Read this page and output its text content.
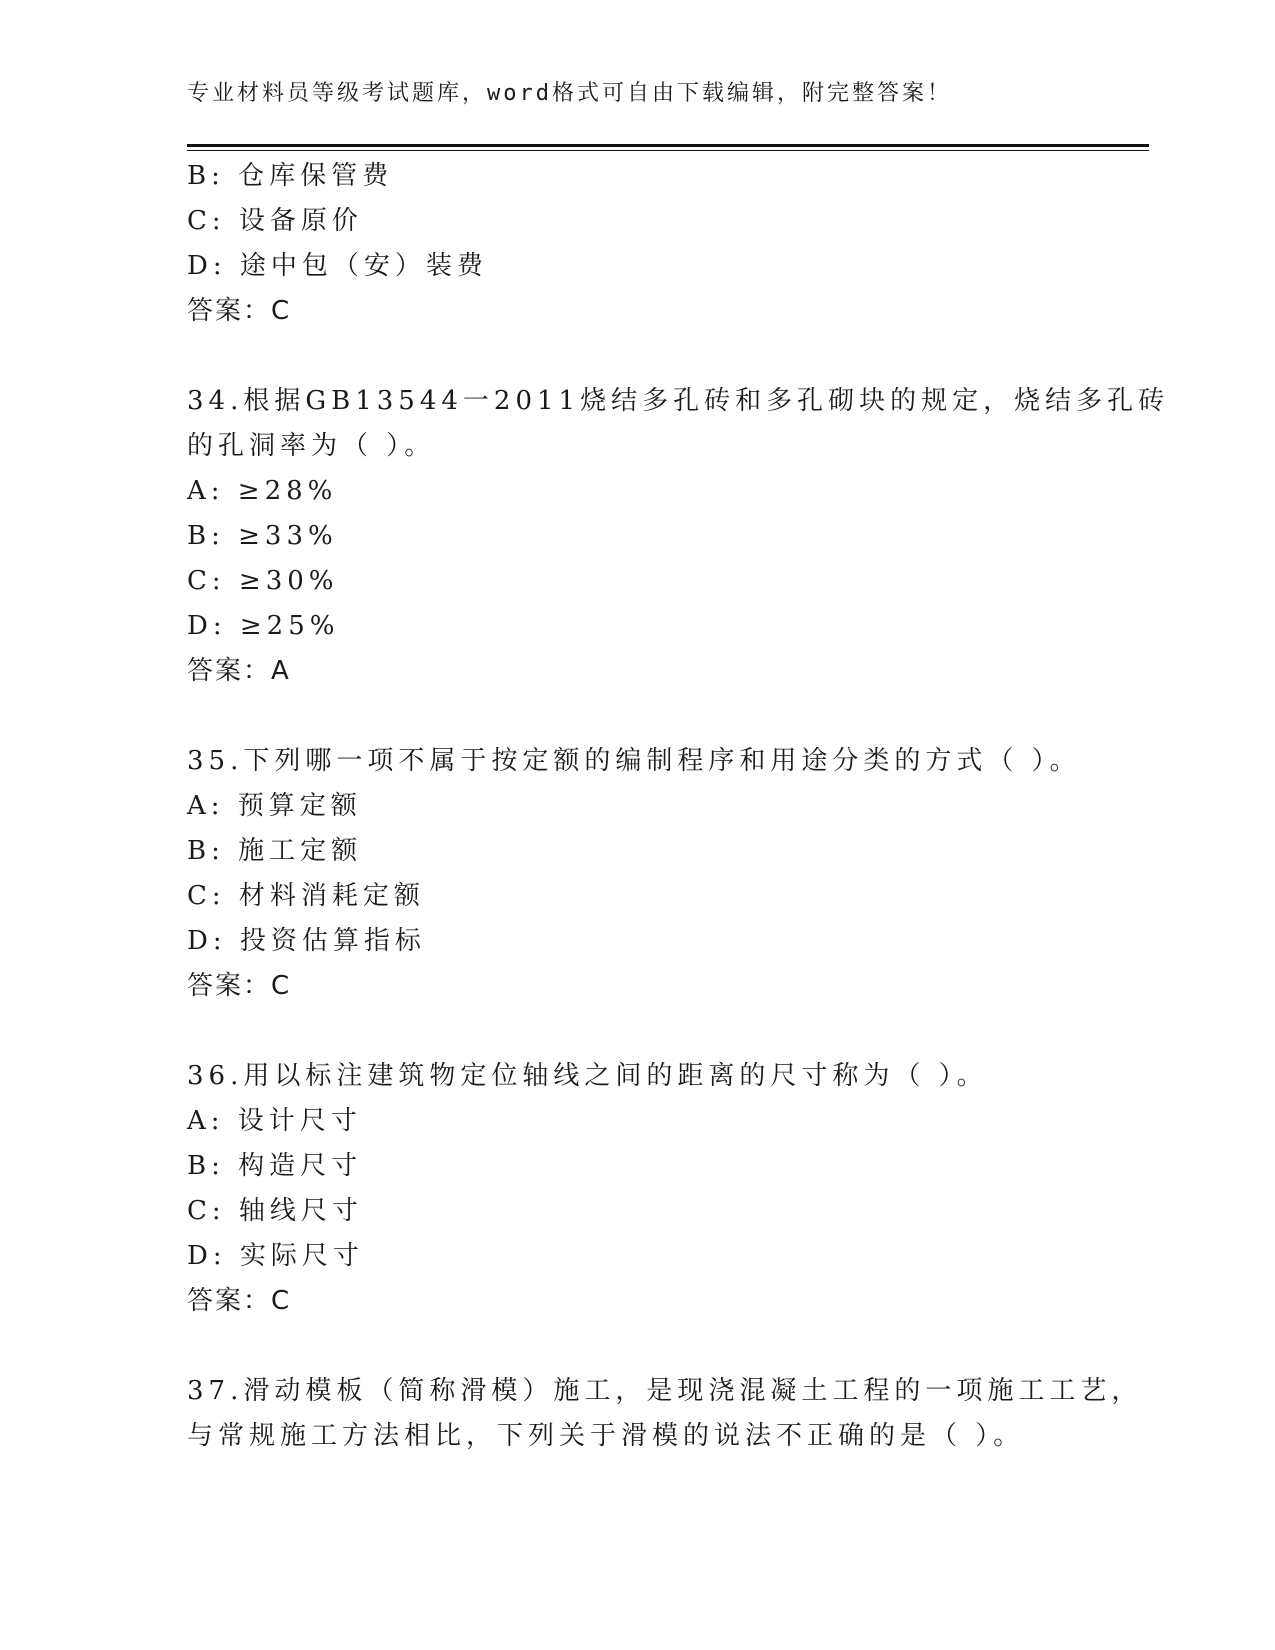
专业材料员等级考试题库，word格式可自由下载编辑，附完整答案！
B: 仓库保管费
C: 设备原价
D: 途中包（安）装费
答案：C
34.根据GB13544一2011烧结多孔砖和多孔砌块的规定，烧结多孔砖
的孔洞率为（ ）。
A: ≥28%
B: ≥33%
C: ≥30%
D: ≥25%
答案：A
35.下列哪一项不属于按定额的编制程序和用途分类的方式（ ）。
A: 预算定额
B: 施工定额
C: 材料消耗定额
D: 投资估算指标
答案：C
36.用以标注建筑物定位轴线之间的距离的尺寸称为（ ）。
A: 设计尺寸
B: 构造尺寸
C: 轴线尺寸
D: 实际尺寸
答案：C
37.滑动模板（简称滑模）施工，是现浇混凝土工程的一项施工工艺，
与常规施工方法相比，下列关于滑模的说法不正确的是（ ）。
